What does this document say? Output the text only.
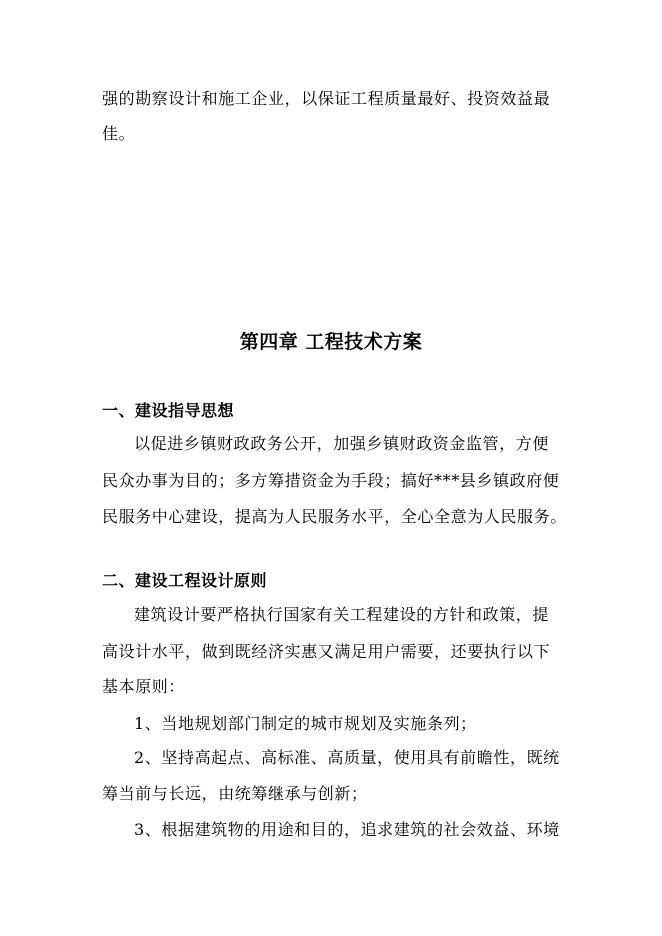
强的勘察设计和施工企业，以保证工程质量最好、投资效益最
佳。
第四章 工程技术方案
一、建设指导思想
以促进乡镇财政政务公开，加强乡镇财政资金监管，方便
民众办事为目的；多方筹措资金为手段；搞好***县乡镇政府便
民服务中心建设，提高为人民服务水平，全心全意为人民服务。
二、建设工程设计原则
建筑设计要严格执行国家有关工程建设的方针和政策，提
高设计水平，做到既经济实惠又满足用户需要，还要执行以下
基本原则：
1、当地规划部门制定的城市规划及实施条列；
2、坚持高起点、高标准、高质量，使用具有前瞻性，既统
筹当前与长远，由统筹继承与创新；
3、根据建筑物的用途和目的，追求建筑的社会效益、环境
